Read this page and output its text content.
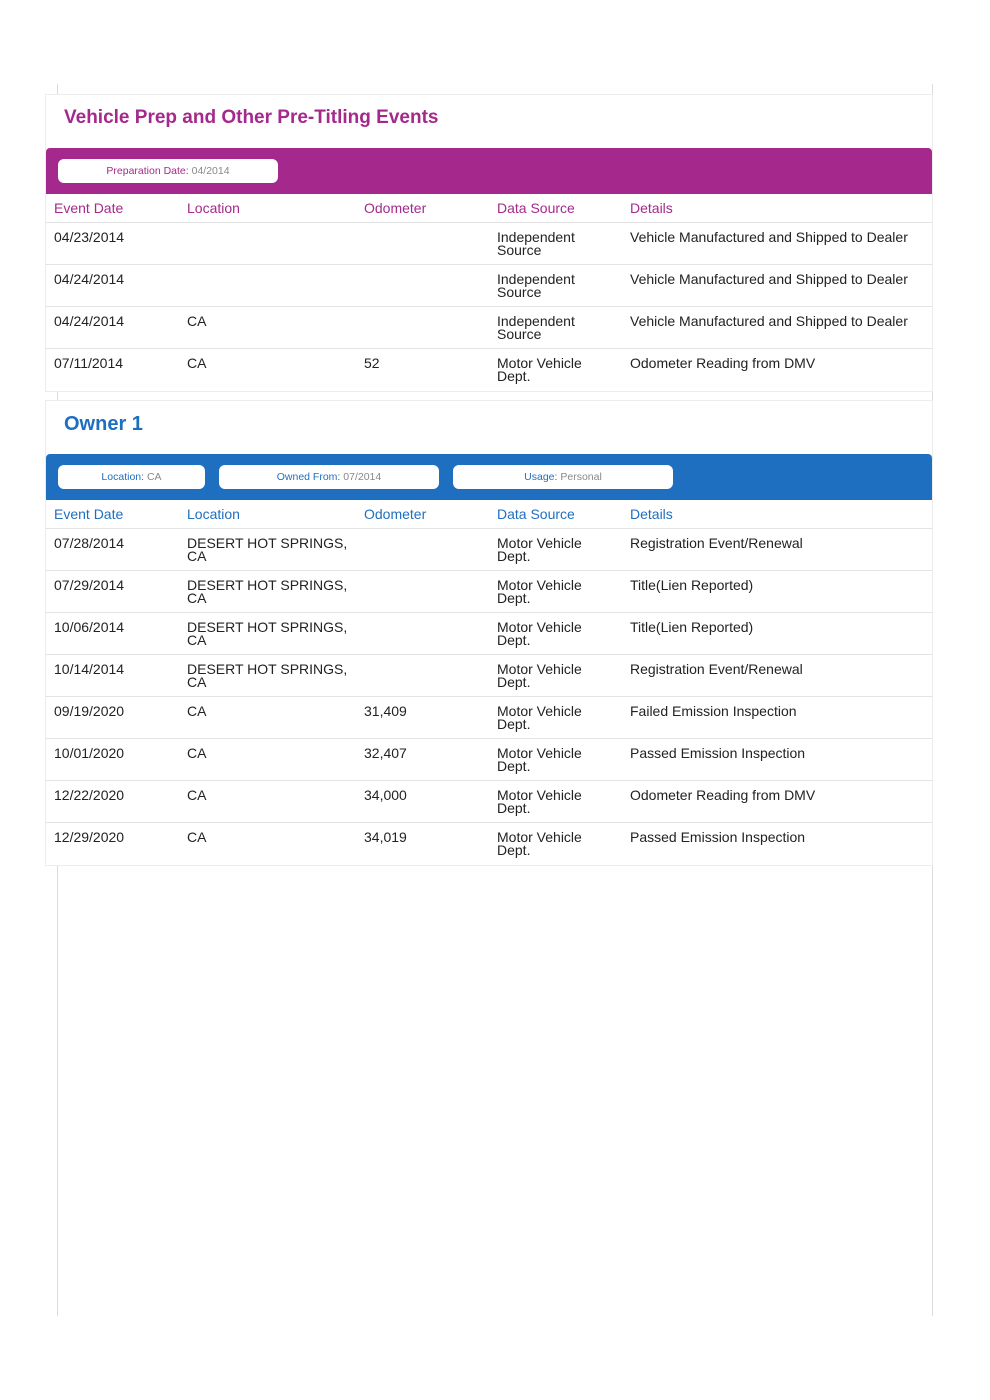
Vehicle Prep and Other Pre-Titling Events
Preparation Date: 04/2014
Event Date	Location	Odometer	Data Source	Details
04/23/2014			Independent Source	Vehicle Manufactured and Shipped to Dealer
04/24/2014			Independent Source	Vehicle Manufactured and Shipped to Dealer
04/24/2014	CA		Independent Source	Vehicle Manufactured and Shipped to Dealer
07/11/2014	CA	52	Motor Vehicle Dept.	Odometer Reading from DMV
Owner 1
Location: CA	Owned From: 07/2014	Usage: Personal
Event Date	Location	Odometer	Data Source	Details
07/28/2014	DESERT HOT SPRINGS, CA		Motor Vehicle Dept.	Registration Event/Renewal
07/29/2014	DESERT HOT SPRINGS, CA		Motor Vehicle Dept.	Title(Lien Reported)
10/06/2014	DESERT HOT SPRINGS, CA		Motor Vehicle Dept.	Title(Lien Reported)
10/14/2014	DESERT HOT SPRINGS, CA		Motor Vehicle Dept.	Registration Event/Renewal
09/19/2020	CA	31,409	Motor Vehicle Dept.	Failed Emission Inspection
10/01/2020	CA	32,407	Motor Vehicle Dept.	Passed Emission Inspection
12/22/2020	CA	34,000	Motor Vehicle Dept.	Odometer Reading from DMV
12/29/2020	CA	34,019	Motor Vehicle Dept.	Passed Emission Inspection
